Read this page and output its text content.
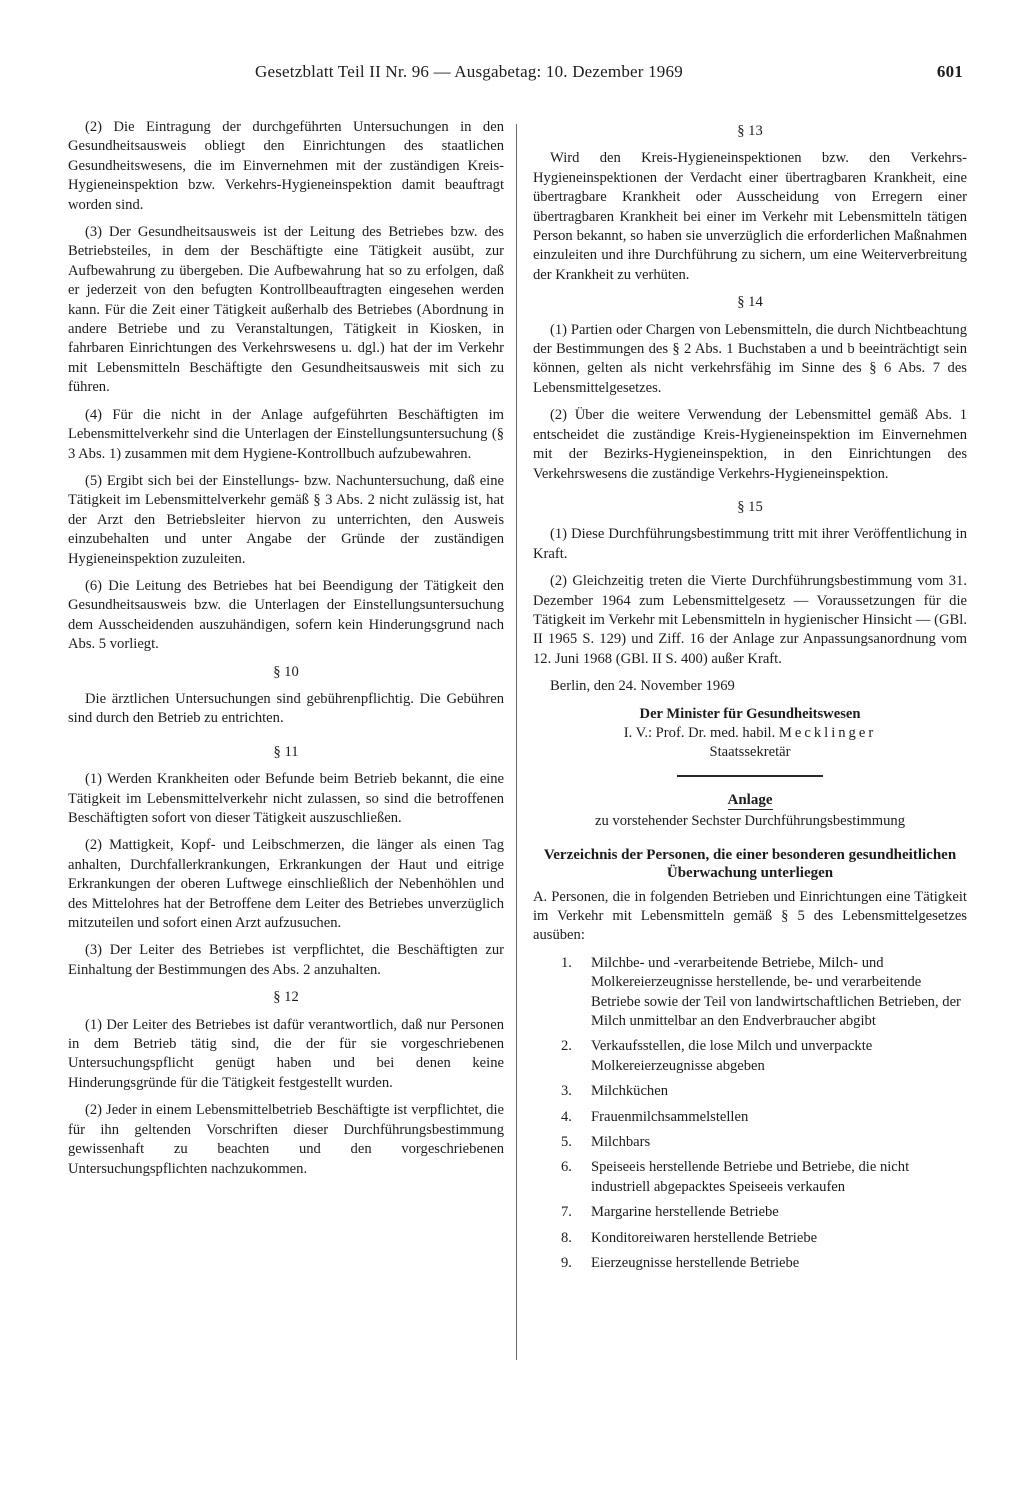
Gesetzblatt Teil II Nr. 96 — Ausgabetag: 10. Dezember 1969	601

(2) Die Eintragung der durchgeführten Untersuchungen in den Gesundheitsausweis obliegt den Einrichtungen des staatlichen Gesundheitswesens, die im Einvernehmen mit der zuständigen Kreis-Hygieneinspektion bzw. Verkehrs-Hygieneinspektion damit beauftragt worden sind.

(3) Der Gesundheitsausweis ist der Leitung des Betriebes bzw. des Betriebsteiles, in dem der Beschäftigte eine Tätigkeit ausübt, zur Aufbewahrung zu übergeben. Die Aufbewahrung hat so zu erfolgen, daß er jederzeit von den befugten Kontrollbeauftragten eingesehen werden kann. Für die Zeit einer Tätigkeit außerhalb des Betriebes (Abordnung in andere Betriebe und zu Veranstaltungen, Tätigkeit in Kiosken, in fahrbaren Einrichtungen des Verkehrswesens u. dgl.) hat der im Verkehr mit Lebensmitteln Beschäftigte den Gesundheitsausweis mit sich zu führen.

(4) Für die nicht in der Anlage aufgeführten Beschäftigten im Lebensmittelverkehr sind die Unterlagen der Einstellungsuntersuchung (§ 3 Abs. 1) zusammen mit dem Hygiene-Kontrollbuch aufzubewahren.

(5) Ergibt sich bei der Einstellungs- bzw. Nachuntersuchung, daß eine Tätigkeit im Lebensmittelverkehr gemäß § 3 Abs. 2 nicht zulässig ist, hat der Arzt den Betriebsleiter hiervon zu unterrichten, den Ausweis einzubehalten und unter Angabe der Gründe der zuständigen Hygieneinspektion zuzuleiten.

(6) Die Leitung des Betriebes hat bei Beendigung der Tätigkeit den Gesundheitsausweis bzw. die Unterlagen der Einstellungsuntersuchung dem Ausscheidenden auszuhändigen, sofern kein Hinderungsgrund nach Abs. 5 vorliegt.

§ 10

Die ärztlichen Untersuchungen sind gebührenpflichtig. Die Gebühren sind durch den Betrieb zu entrichten.

§ 11

(1) Werden Krankheiten oder Befunde beim Betrieb bekannt, die eine Tätigkeit im Lebensmittelverkehr nicht zulassen, so sind die betroffenen Beschäftigten sofort von dieser Tätigkeit auszuschließen.

(2) Mattigkeit, Kopf- und Leibschmerzen, die länger als einen Tag anhalten, Durchfallerkrankungen, Erkrankungen der Haut und eitrige Erkrankungen der oberen Luftwege einschließlich der Nebenhöhlen und des Mittelohres hat der Betroffene dem Leiter des Betriebes unverzüglich mitzuteilen und sofort einen Arzt aufzusuchen.

(3) Der Leiter des Betriebes ist verpflichtet, die Beschäftigten zur Einhaltung der Bestimmungen des Abs. 2 anzuhalten.

§ 12

(1) Der Leiter des Betriebes ist dafür verantwortlich, daß nur Personen in dem Betrieb tätig sind, die der für sie vorgeschriebenen Untersuchungspflicht genügt haben und bei denen keine Hinderungsgründe für die Tätigkeit festgestellt wurden.

(2) Jeder in einem Lebensmittelbetrieb Beschäftigte ist verpflichtet, die für ihn geltenden Vorschriften dieser Durchführungsbestimmung gewissenhaft zu beachten und den vorgeschriebenen Untersuchungspflichten nachzukommen.

§ 13

Wird den Kreis-Hygieneinspektionen bzw. den Verkehrs-Hygieneinspektionen der Verdacht einer übertragbaren Krankheit, eine übertragbare Krankheit oder Ausscheidung von Erregern einer übertragbaren Krankheit bei einer im Verkehr mit Lebensmitteln tätigen Person bekannt, so haben sie unverzüglich die erforderlichen Maßnahmen einzuleiten und ihre Durchführung zu sichern, um eine Weiterverbreitung der Krankheit zu verhüten.

§ 14

(1) Partien oder Chargen von Lebensmitteln, die durch Nichtbeachtung der Bestimmungen des § 2 Abs. 1 Buchstaben a und b beeinträchtigt sein können, gelten als nicht verkehrsfähig im Sinne des § 6 Abs. 7 des Lebensmittelgesetzes.

(2) Über die weitere Verwendung der Lebensmittel gemäß Abs. 1 entscheidet die zuständige Kreis-Hygieneinspektion im Einvernehmen mit der Bezirks-Hygieneinspektion, in den Einrichtungen des Verkehrswesens die zuständige Verkehrs-Hygieneinspektion.

§ 15

(1) Diese Durchführungsbestimmung tritt mit ihrer Veröffentlichung in Kraft.

(2) Gleichzeitig treten die Vierte Durchführungsbestimmung vom 31. Dezember 1964 zum Lebensmittelgesetz — Voraussetzungen für die Tätigkeit im Verkehr mit Lebensmitteln in hygienischer Hinsicht — (GBl. II 1965 S. 129) und Ziff. 16 der Anlage zur Anpassungsanordnung vom 12. Juni 1968 (GBl. II S. 400) außer Kraft.

Berlin, den 24. November 1969

Der Minister für Gesundheitswesen
I. V.: Prof. Dr. med. habil. Mecklinger
Staatssekretär
Anlage
zu vorstehender Sechster Durchführungsbestimmung
Verzeichnis der Personen, die einer besonderen gesundheitlichen Überwachung unterliegen

A. Personen, die in folgenden Betrieben und Einrichtungen eine Tätigkeit im Verkehr mit Lebensmitteln gemäß § 5 des Lebensmittelgesetzes ausüben:

1. Milchbe- und -verarbeitende Betriebe, Milch- und Molkereierzeugnisse herstellende, be- und verarbeitende Betriebe sowie der Teil von landwirtschaftlichen Betrieben, der Milch unmittelbar an den Endverbraucher abgibt
2. Verkaufsstellen, die lose Milch und unverpackte Molkereierzeugnisse abgeben
3. Milchküchen
4. Frauenmilchsammelstellen
5. Milchbars
6. Speiseeis herstellende Betriebe und Betriebe, die nicht industriell abgepacktes Speiseeis verkaufen
7. Margarine herstellende Betriebe
8. Konditoreiwaren herstellende Betriebe
9. Eierzeugnisse herstellende Betriebe
